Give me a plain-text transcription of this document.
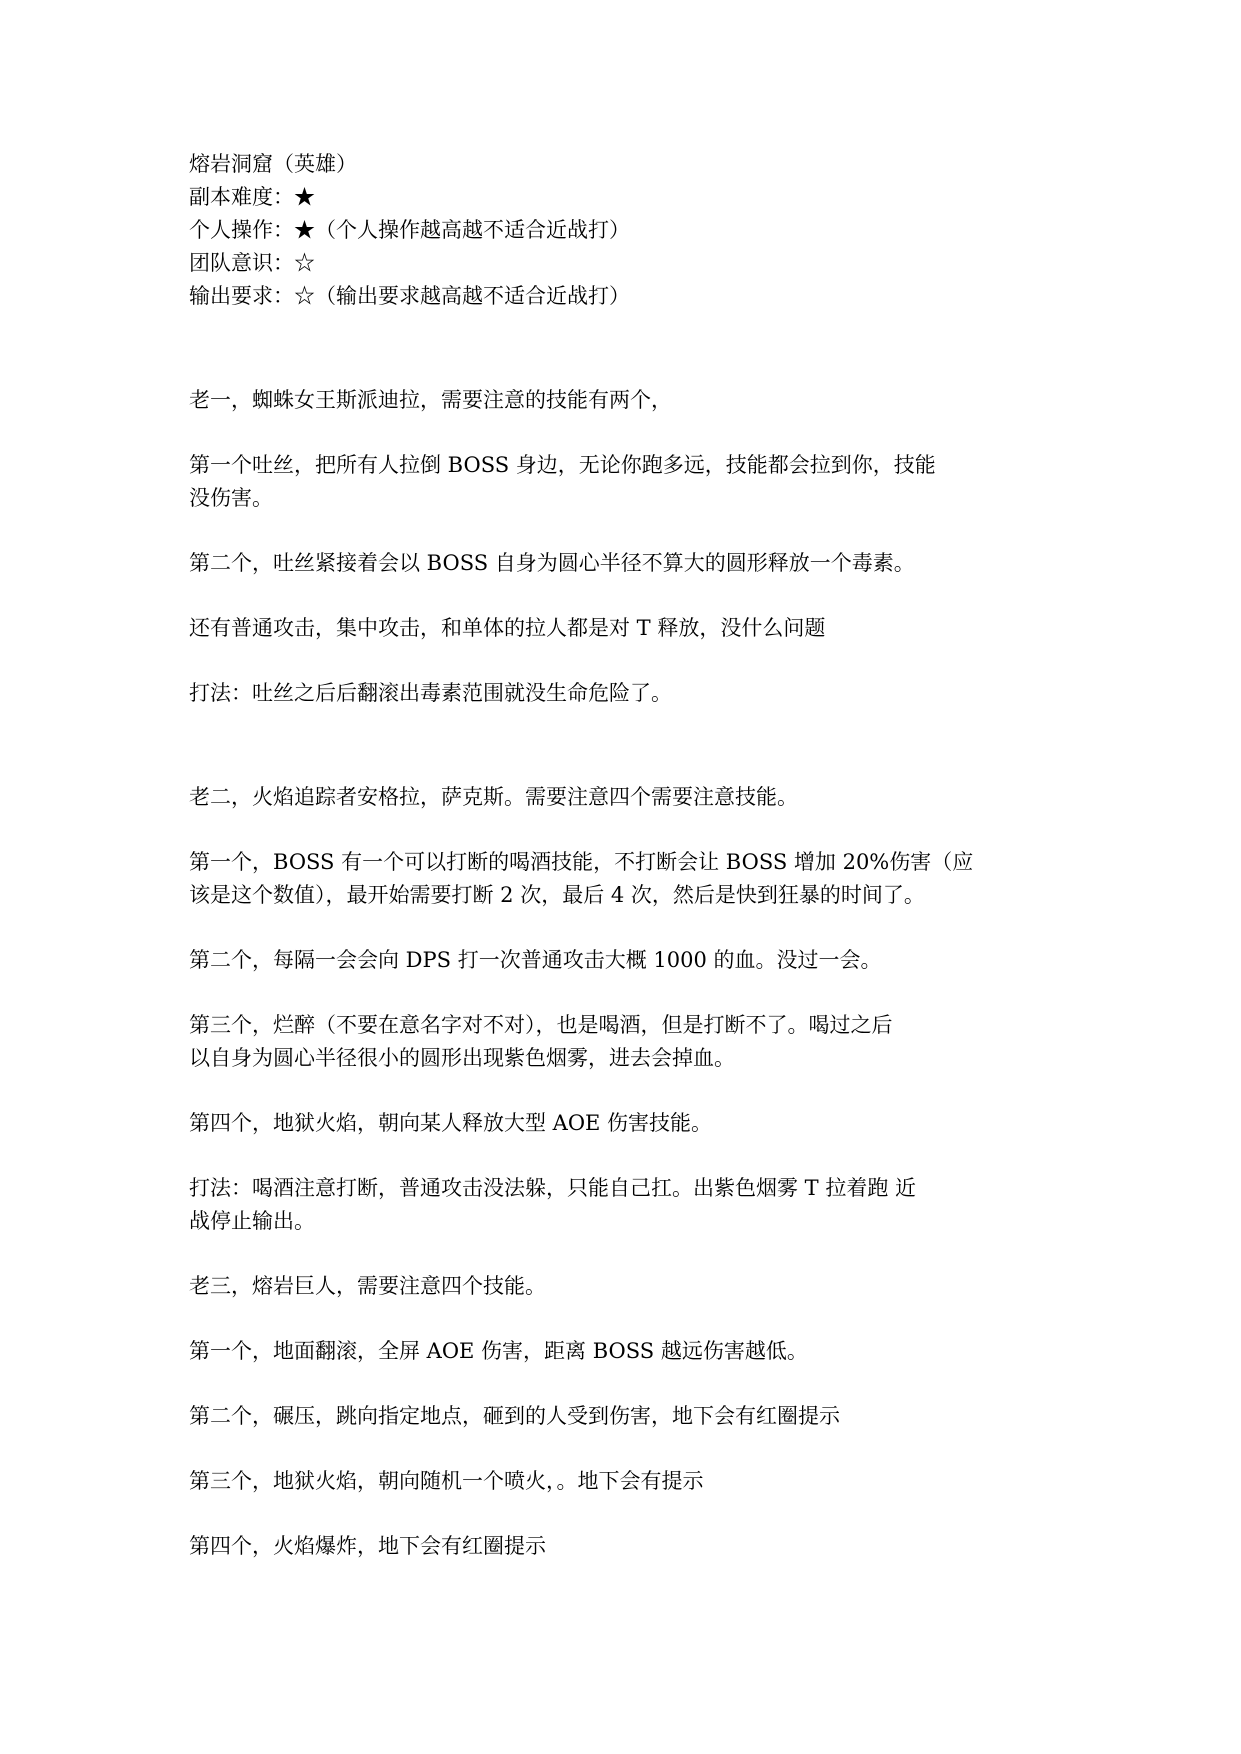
熔岩洞窟（英雄）
副本难度：★
个人操作：★（个人操作越高越不适合近战打）
团队意识：☆
输出要求：☆（输出要求越高越不适合近战打）
老一，蜘蛛女王斯派迪拉，需要注意的技能有两个，
第一个吐丝，把所有人拉倒 BOSS 身边，无论你跑多远，技能都会拉到你，技能
没伤害。
第二个，吐丝紧接着会以 BOSS 自身为圆心半径不算大的圆形释放一个毒素。
还有普通攻击，集中攻击，和单体的拉人都是对 T 释放，没什么问题
打法：吐丝之后后翻滚出毒素范围就没生命危险了。
老二，火焰追踪者安格拉，萨克斯。需要注意四个需要注意技能。
第一个，BOSS 有一个可以打断的喝酒技能，不打断会让 BOSS 增加 20%伤害（应
该是这个数值），最开始需要打断 2 次，最后 4 次，然后是快到狂暴的时间了。
第二个，每隔一会会向 DPS 打一次普通攻击大概 1000 的血。没过一会。
第三个，烂醉（不要在意名字对不对），也是喝酒，但是打断不了。喝过之后
以自身为圆心半径很小的圆形出现紫色烟雾，进去会掉血。
第四个，地狱火焰，朝向某人释放大型 AOE 伤害技能。
打法：喝酒注意打断，普通攻击没法躲，只能自己扛。出紫色烟雾 T 拉着跑 近
战停止输出。
老三，熔岩巨人，需要注意四个技能。
第一个，地面翻滚，全屏 AOE 伤害，距离 BOSS 越远伤害越低。
第二个，碾压，跳向指定地点，砸到的人受到伤害，地下会有红圈提示
第三个，地狱火焰，朝向随机一个喷火，。地下会有提示
第四个，火焰爆炸，地下会有红圈提示
